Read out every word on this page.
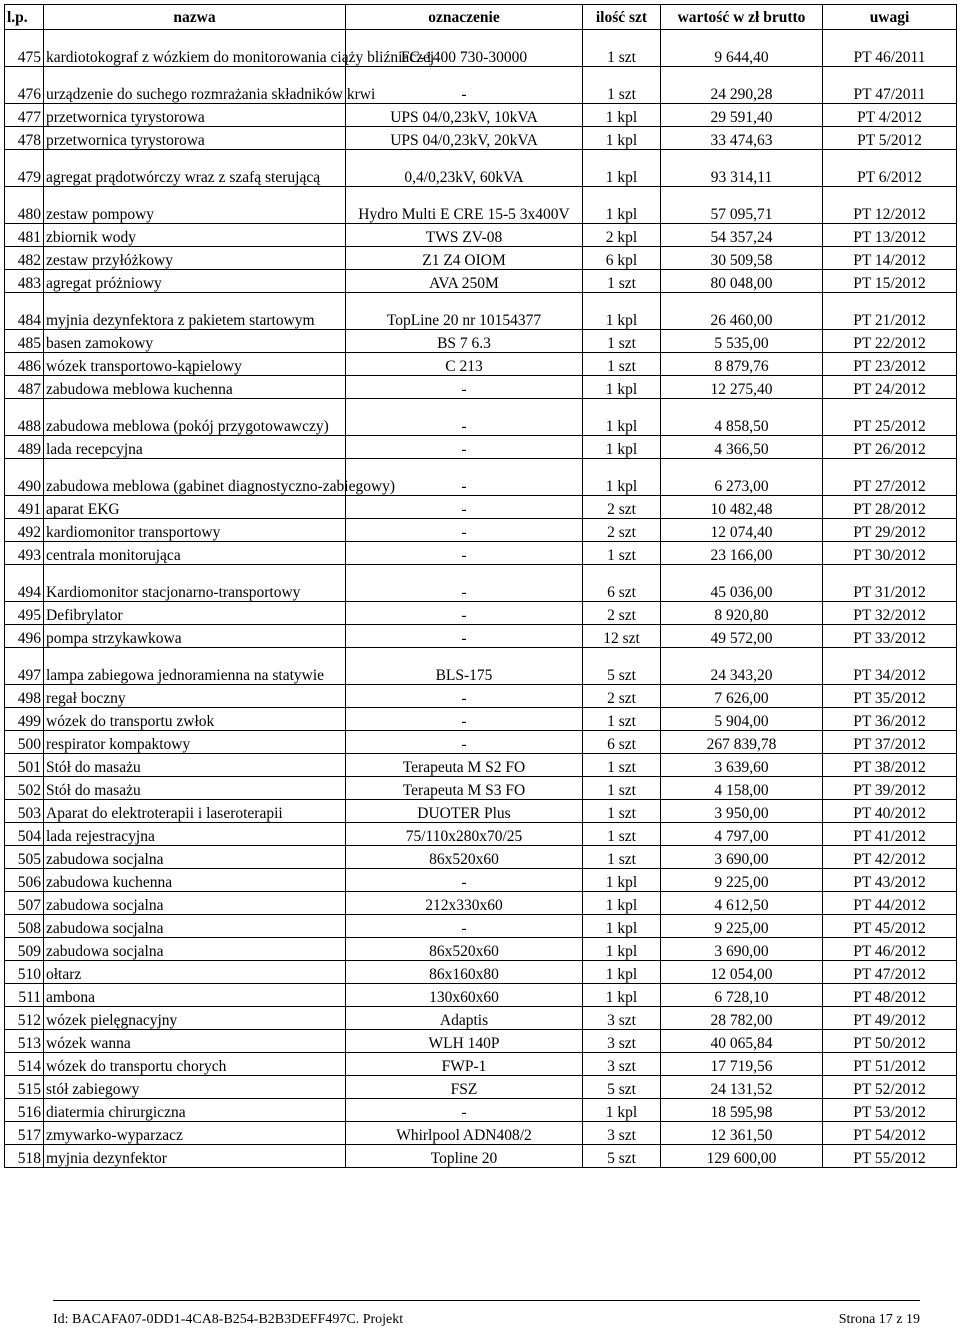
l.p.	nazwa	oznaczenie	ilość szt	wartość w zł brutto	uwagi
475	kardiotokograf z wózkiem do monitorowania ciąży bliźniaczej	FC-1400 730-30000	1 szt	9 644,40	PT 46/2011
476	urządzenie do suchego rozmrażania składników krwi	-	1 szt	24 290,28	PT 47/2011
477	przetwornica tyrystorowa	UPS 04/0,23kV, 10kVA	1 kpl	29 591,40	PT 4/2012
478	przetwornica tyrystorowa	UPS 04/0,23kV, 20kVA	1 kpl	33 474,63	PT 5/2012
479	agregat prądotwórczy wraz z szafą sterującą	0,4/0,23kV, 60kVA	1 kpl	93 314,11	PT 6/2012
480	zestaw pompowy	Hydro Multi E CRE 15-5 3x400V	1 kpl	57 095,71	PT 12/2012
481	zbiornik wody	TWS ZV-08	2 kpl	54 357,24	PT 13/2012
482	zestaw przyłóżkowy	Z1 Z4 OIOM	6 kpl	30 509,58	PT 14/2012
483	agregat próżniowy	AVA 250M	1 szt	80 048,00	PT 15/2012
484	myjnia dezynfektora z pakietem startowym	TopLine 20 nr 10154377	1 kpl	26 460,00	PT 21/2012
485	basen zamokowy	BS 7 6.3	1 szt	5 535,00	PT 22/2012
486	wózek transportowo-kąpielowy	C 213	1 szt	8 879,76	PT 23/2012
487	zabudowa meblowa kuchenna	-	1 kpl	12 275,40	PT 24/2012
488	zabudowa meblowa (pokój przygotowawczy)	-	1 kpl	4 858,50	PT 25/2012
489	lada recepcyjna	-	1 kpl	4 366,50	PT 26/2012
490	zabudowa meblowa (gabinet diagnostyczno-zabiegowy)	-	1 kpl	6 273,00	PT 27/2012
491	aparat EKG	-	2 szt	10 482,48	PT 28/2012
492	kardiomonitor transportowy	-	2 szt	12 074,40	PT 29/2012
493	centrala monitorująca	-	1 szt	23 166,00	PT 30/2012
494	Kardiomonitor stacjonarno-transportowy	-	6 szt	45 036,00	PT 31/2012
495	Defibrylator	-	2 szt	8 920,80	PT 32/2012
496	pompa strzykawkowa	-	12 szt	49 572,00	PT 33/2012
497	lampa zabiegowa jednoramienna na statywie	BLS-175	5 szt	24 343,20	PT 34/2012
498	regał boczny	-	2 szt	7 626,00	PT 35/2012
499	wózek do transportu zwłok	-	1 szt	5 904,00	PT 36/2012
500	respirator kompaktowy	-	6 szt	267 839,78	PT 37/2012
501	Stół do masażu	Terapeuta M S2 FO	1 szt	3 639,60	PT 38/2012
502	Stół do masażu	Terapeuta M S3 FO	1 szt	4 158,00	PT 39/2012
503	Aparat do elektroterapii i laseroterapii	DUOTER Plus	1 szt	3 950,00	PT 40/2012
504	lada rejestracyjna	75/110x280x70/25	1 szt	4 797,00	PT 41/2012
505	zabudowa socjalna	86x520x60	1 szt	3 690,00	PT 42/2012
506	zabudowa kuchenna	-	1 kpl	9 225,00	PT 43/2012
507	zabudowa socjalna	212x330x60	1 kpl	4 612,50	PT 44/2012
508	zabudowa socjalna	-	1 kpl	9 225,00	PT 45/2012
509	zabudowa socjalna	86x520x60	1 kpl	3 690,00	PT 46/2012
510	ołtarz	86x160x80	1 kpl	12 054,00	PT 47/2012
511	ambona	130x60x60	1 kpl	6 728,10	PT 48/2012
512	wózek pielęgnacyjny	Adaptis	3 szt	28 782,00	PT 49/2012
513	wózek wanna	WLH 140P	3 szt	40 065,84	PT 50/2012
514	wózek do transportu chorych	FWP-1	3 szt	17 719,56	PT 51/2012
515	stół zabiegowy	FSZ	5 szt	24 131,52	PT 52/2012
516	diatermia chirurgiczna	-	1 kpl	18 595,98	PT 53/2012
517	zmywarko-wyparzacz	Whirlpool ADN408/2	3 szt	12 361,50	PT 54/2012
518	myjnia dezynfektor	Topline 20	5 szt	129 600,00	PT 55/2012
Id: BACAFA07-0DD1-4CA8-B254-B2B3DEFF497C. Projekt	Strona 17 z 19
